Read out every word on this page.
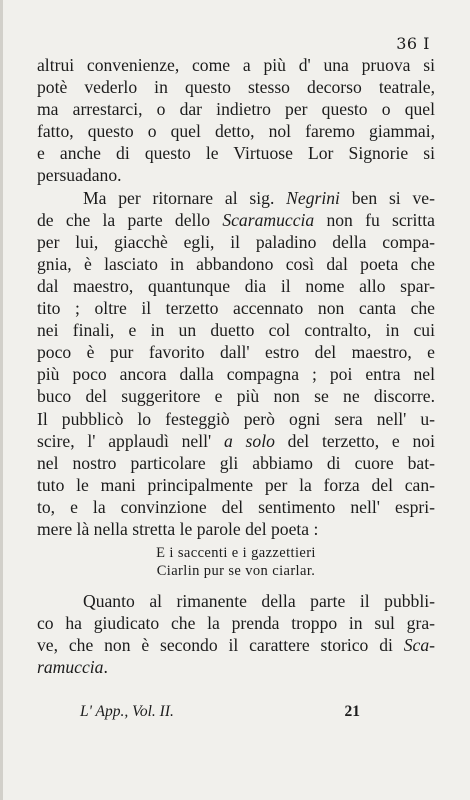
36 I
altrui convenienze, come a più d' una pruova si
potè vederlo in questo stesso decorso teatrale,
ma arrestarci, o dar indietro per questo o quel
fatto, questo o quel detto, nol faremo giammai,
e anche di questo le Virtuose Lor Signorie si
persuadano.
Ma per ritornare al sig. Negrini ben si ve-
de che la parte dello Scaramuccia non fu scritta
per lui, giacchè egli, il paladino della compa-
gnia, è lasciato in abbandono così dal poeta che
dal maestro, quantunque dia il nome allo spar-
tito ; oltre il terzetto accennato non canta che
nei finali, e in un duetto col contralto, in cui
poco è pur favorito dall' estro del maestro, e
più poco ancora dalla compagna ; poi entra nel
buco del suggeritore e più non se ne discorre.
Il pubblicò lo festeggiò però ogni sera nell' u-
scire, l' applaudì nell' a solo del terzetto, e noi
nel nostro particolare gli abbiamo di cuore bat-
tuto le mani principalmente per la forza del can-
to, e la convinzione del sentimento nell' espri-
mere là nella stretta le parole del poeta :
E i saccenti e i gazzettieri
Ciarlin pur se von ciarlar.
Quanto al rimanente della parte il pubbli-
co ha giudicato che la prenda troppo in sul gra-
ve, che non è secondo il carattere storico di Sca-
ramuccia.
L' App., Vol. II.	21
